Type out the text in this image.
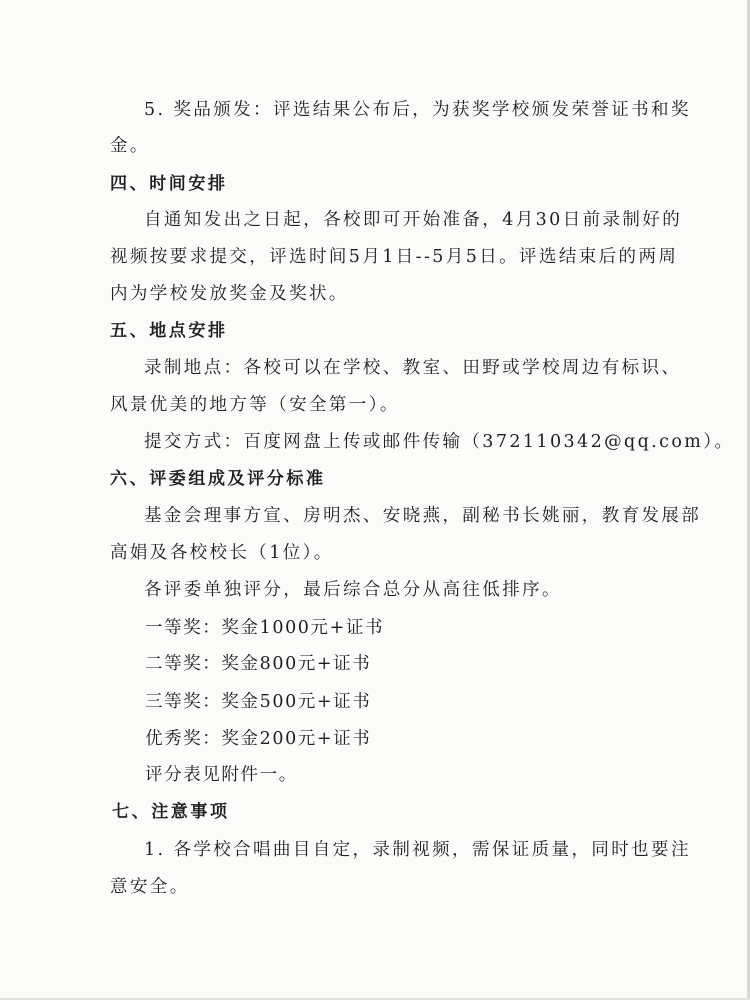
5. 奖品颁发：评选结果公布后，为获奖学校颁发荣誉证书和奖
金。
四、时间安排
自通知发出之日起，各校即可开始准备，4月30日前录制好的
视频按要求提交，评选时间5月1日--5月5日。评选结束后的两周
内为学校发放奖金及奖状。
五、地点安排
录制地点：各校可以在学校、教室、田野或学校周边有标识、
风景优美的地方等（安全第一）。
提交方式：百度网盘上传或邮件传输（372110342@qq.com）。
六、评委组成及评分标准
基金会理事方宣、房明杰、安晓燕，副秘书长姚丽，教育发展部
高娟及各校校长（1位）。
各评委单独评分，最后综合总分从高往低排序。
一等奖：奖金1000元+证书
二等奖：奖金800元+证书
三等奖：奖金500元+证书
优秀奖：奖金200元+证书
评分表见附件一。
七、注意事项
1. 各学校合唱曲目自定，录制视频，需保证质量，同时也要注
意安全。
